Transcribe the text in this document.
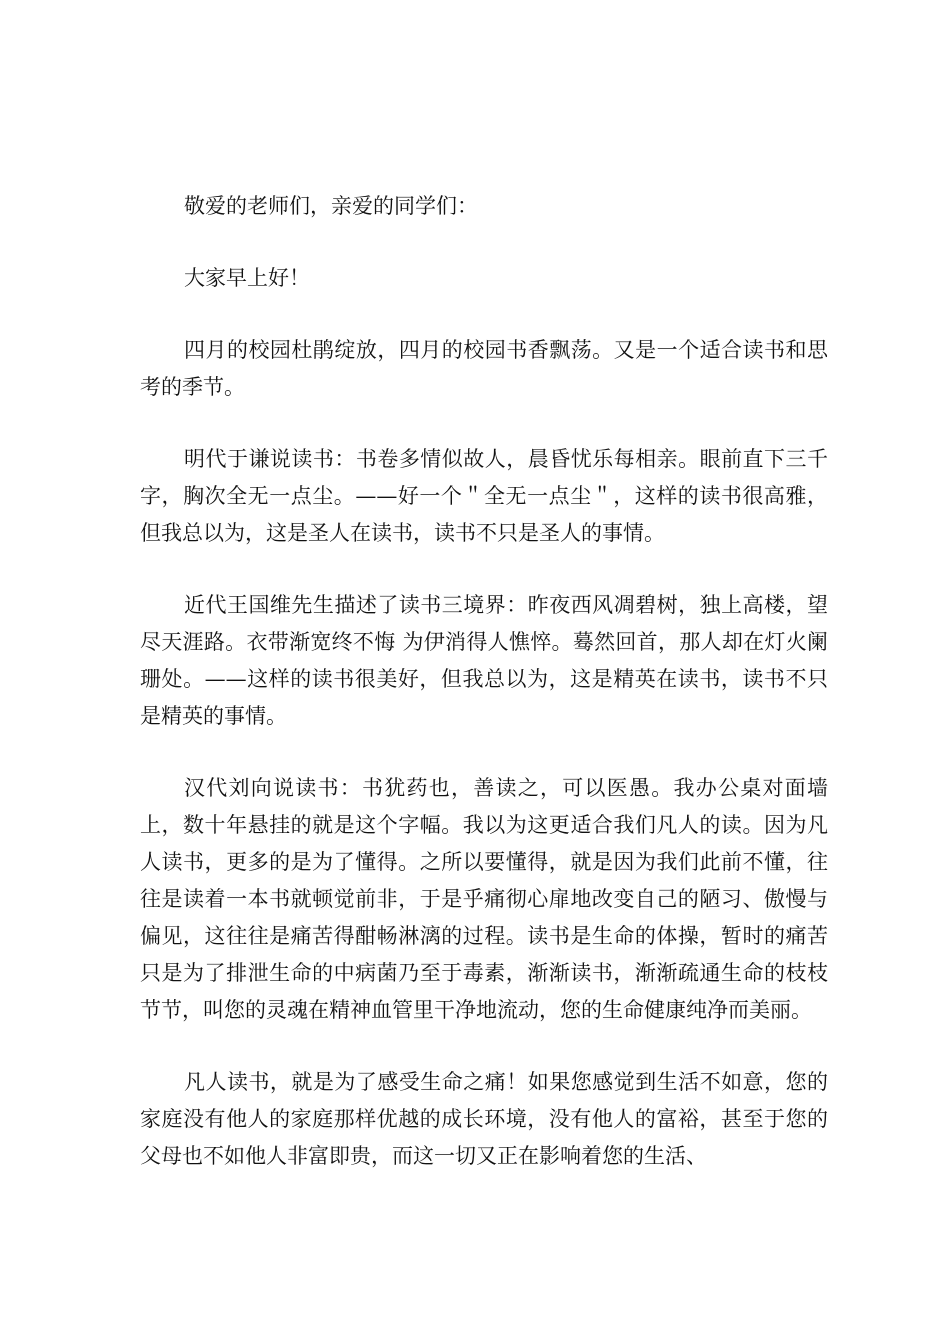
敬爱的老师们，亲爱的同学们：

大家早上好！

四月的校园杜鹃绽放，四月的校园书香飘荡。又是一个适合读书和思考的季节。

明代于谦说读书：书卷多情似故人，晨昏忧乐每相亲。眼前直下三千字，胸次全无一点尘。——好一个＂全无一点尘＂，这样的读书很高雅，但我总以为，这是圣人在读书，读书不只是圣人的事情。

近代王国维先生描述了读书三境界：昨夜西风凋碧树，独上高楼，望尽天涯路。衣带渐宽终不悔 为伊消得人憔悴。蓦然回首，那人却在灯火阑珊处。——这样的读书很美好，但我总以为，这是精英在读书，读书不只是精英的事情。

汉代刘向说读书：书犹药也，善读之，可以医愚。我办公桌对面墙上，数十年悬挂的就是这个字幅。我以为这更适合我们凡人的读。因为凡人读书，更多的是为了懂得。之所以要懂得，就是因为我们此前不懂，往往是读着一本书就顿觉前非，于是乎痛彻心扉地改变自己的陋习、傲慢与偏见，这往往是痛苦得酣畅淋漓的过程。读书是生命的体操，暂时的痛苦只是为了排泄生命的中病菌乃至于毒素，渐渐读书，渐渐疏通生命的枝枝节节，叫您的灵魂在精神血管里干净地流动，您的生命健康纯净而美丽。

凡人读书，就是为了感受生命之痛！如果您感觉到生活不如意，您的家庭没有他人的家庭那样优越的成长环境，没有他人的富裕，甚至于您的父母也不如他人非富即贵，而这一切又正在影响着您的生活、
